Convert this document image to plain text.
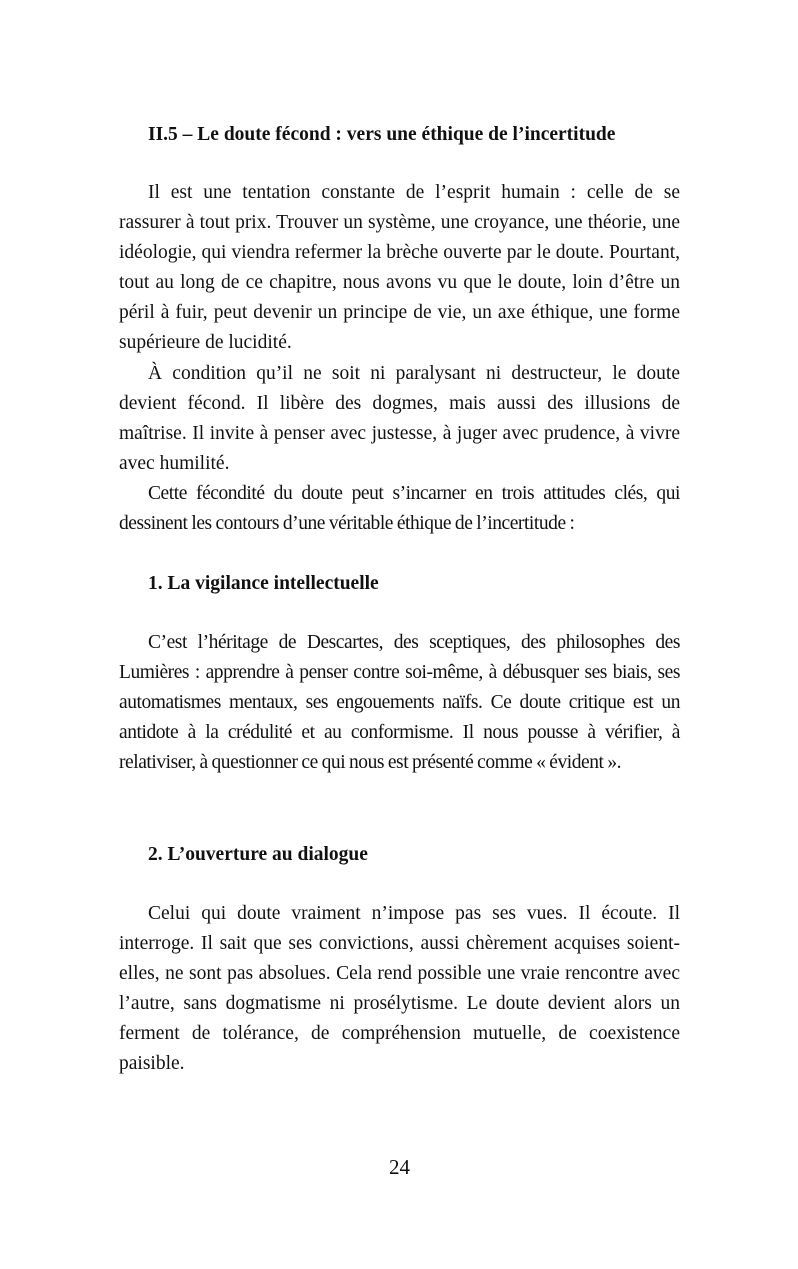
II.5 – Le doute fécond : vers une éthique de l’incertitude

Il est une tentation constante de l’esprit humain : celle de se rassurer à tout prix. Trouver un système, une croyance, une théorie, une idéologie, qui viendra refermer la brèche ouverte par le doute. Pourtant, tout au long de ce chapitre, nous avons vu que le doute, loin d’être un péril à fuir, peut devenir un principe de vie, un axe éthique, une forme supérieure de lucidité.

À condition qu’il ne soit ni paralysant ni destructeur, le doute devient fécond. Il libère des dogmes, mais aussi des illusions de maîtrise. Il invite à penser avec justesse, à juger avec prudence, à vivre avec humilité.

Cette fécondité du doute peut s’incarner en trois attitudes clés, qui dessinent les contours d’une véritable éthique de l’incertitude :

1. La vigilance intellectuelle

C’est l’héritage de Descartes, des sceptiques, des philosophes des Lumières : apprendre à penser contre soi-même, à débusquer ses biais, ses automatismes mentaux, ses engouements naïfs. Ce doute critique est un antidote à la crédulité et au conformisme. Il nous pousse à vérifier, à relativiser, à questionner ce qui nous est présenté comme « évident ».

2. L’ouverture au dialogue

Celui qui doute vraiment n’impose pas ses vues. Il écoute. Il interroge. Il sait que ses convictions, aussi chèrement acquises soient-elles, ne sont pas absolues. Cela rend possible une vraie rencontre avec l’autre, sans dogmatisme ni prosélytisme. Le doute devient alors un ferment de tolérance, de compréhension mutuelle, de coexistence paisible.

24
